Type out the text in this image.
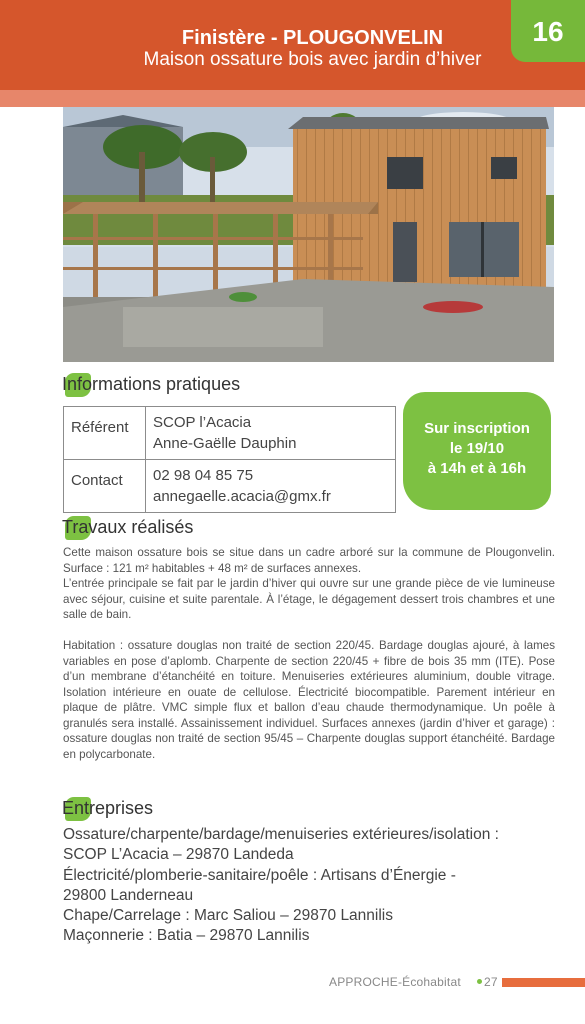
Finistère - PLOUGONVELIN
Maison ossature bois avec jardin d’hiver
16
Informations pratiques
Référent	SCOP l’Acacia
Anne-Gaëlle Dauphin

Contact	02 98 04 85 75
annegaelle.acacia@gmx.fr
Sur inscription
le 19/10
à 14h et à 16h
Travaux réalisés

Cette maison ossature bois se situe dans un cadre arboré sur la commune de Plougonvelin. Surface : 121 m² habitables + 48 m² de surfaces annexes.

L’entrée principale se fait par le jardin d’hiver qui ouvre sur une grande pièce de vie lumineuse avec séjour, cuisine et suite parentale. À l’étage, le dégagement dessert trois chambres et une salle de bain.

Habitation : ossature douglas non traité de section 220/45. Bardage douglas ajouré, à lames variables en pose d’aplomb. Charpente de section 220/45 + fibre de bois 35 mm (ITE). Pose d’un membrane d’étanchéité en toiture. Menuiseries extérieures aluminium, double vitrage. Isolation intérieure en ouate de cellulose. Électricité biocompatible. Parement intérieur en plaque de plâtre. VMC simple flux et ballon d’eau chaude thermodynamique. Un poêle à granulés sera installé. Assainissement individuel. Surfaces annexes (jardin d’hiver et garage) : ossature douglas non traité de section 95/45 – Charpente douglas support étanchéité. Bardage en polycarbonate.

Entreprises
Ossature/charpente/bardage/menuiseries extérieures/isolation :
SCOP L’Acacia – 29870 Landeda
Électricité/plomberie-sanitaire/poêle : Artisans d’Énergie -
29800 Landerneau
Chape/Carrelage : Marc Saliou – 29870 Lannilis
Maçonnerie : Batia – 29870 Lannilis
APPROCHE-Écohabitat 27
